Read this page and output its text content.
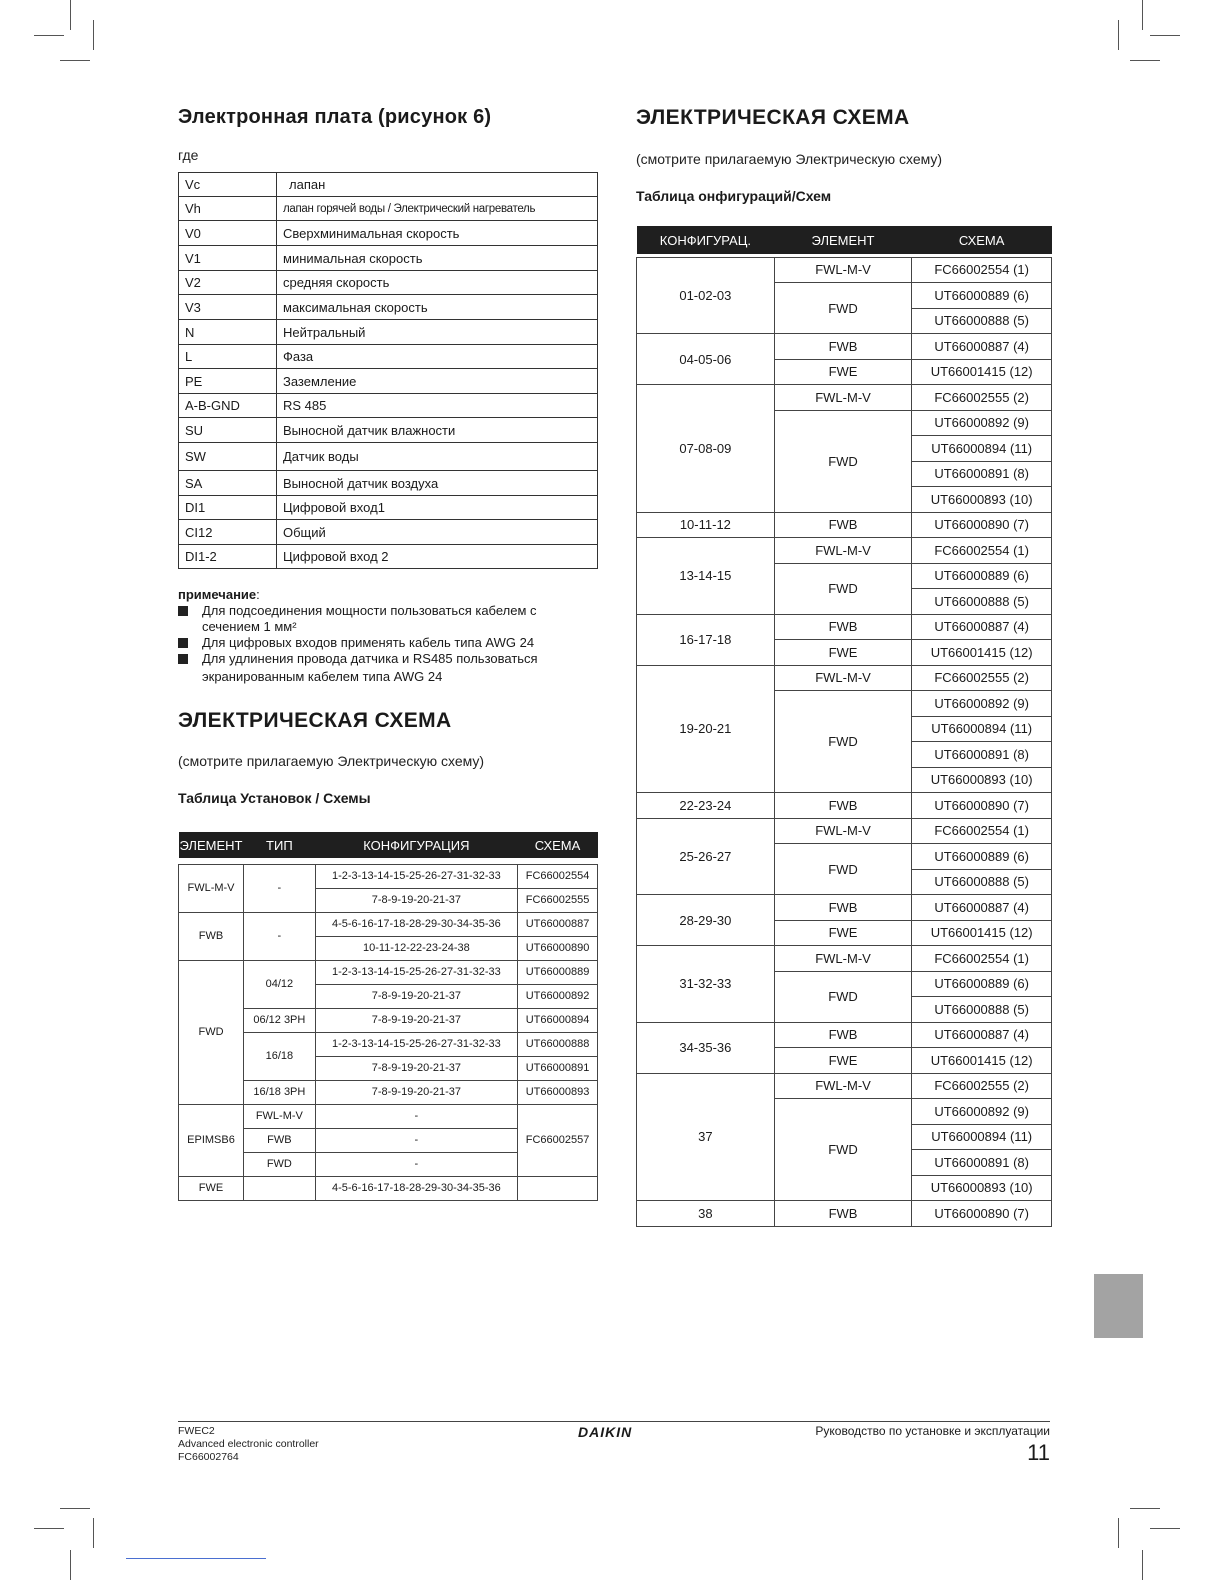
Электронная плата (рисунок 6)
где
Vc	лапан
Vh	лапан горячей воды / Электрический нагреватель
V0	Сверхминимальная скорость
V1	минимальная скорость
V2	средняя скорость
V3	максимальная скорость
N	Нейтральный
L	Фаза
PE	Заземление
A-B-GND	RS 485
SU	Выносной датчик влажности
SW	Датчик воды
SA	Выносной датчик воздуха
DI1	Цифровой вход1
CI12	Общий
DI1-2	Цифровой вход 2
примечание:
Для подсоединения мощности пользоваться кабелем с
сечением 1 мм²
Для цифровых входов применять кабель типа AWG 24
Для удлинения провода датчика и RS485 пользоваться
экранированным кабелем типа AWG 24
ЭЛЕКТРИЧЕСКАЯ СХЕМА
(смотрите прилагаемую Электрическую схему)
Таблица Установок / Схемы
ЭЛЕМЕНТ	ТИП	КОНФИГУРАЦИЯ	СХЕМА

FWL-M-V	-	1-2-3-13-14-15-25-26-27-31-32-33	FC66002554
		7-8-9-19-20-21-37	FC66002555
FWB	-	4-5-6-16-17-18-28-29-30-34-35-36	UT66000887
		10-11-12-22-23-24-38	UT66000890
FWD	04/12	1-2-3-13-14-15-25-26-27-31-32-33	UT66000889
		7-8-9-19-20-21-37	UT66000892
	06/12 3PH	7-8-9-19-20-21-37	UT66000894
	16/18	1-2-3-13-14-15-25-26-27-31-32-33	UT66000888
		7-8-9-19-20-21-37	UT66000891
	16/18 3PH	7-8-9-19-20-21-37	UT66000893
EPIMSB6	FWL-M-V	-	FC66002557
	FWB	-	
	FWD	-	
FWE		4-5-6-16-17-18-28-29-30-34-35-36	
ЭЛЕКТРИЧЕСКАЯ СХЕМА
(смотрите прилагаемую Электрическую схему)
Таблица онфигураций/Схем
КОНФИГУРАЦ.	ЭЛЕМЕНТ	СХЕМА

01-02-03	FWL-M-V	FC66002554 (1)
	FWD	UT66000889 (6)
		UT66000888 (5)
04-05-06	FWB	UT66000887 (4)
	FWE	UT66001415 (12)
07-08-09	FWL-M-V	FC66002555 (2)
	FWD	UT66000892 (9)
		UT66000894 (11)
		UT66000891 (8)
		UT66000893 (10)
10-11-12	FWB	UT66000890 (7)
13-14-15	FWL-M-V	FC66002554 (1)
	FWD	UT66000889 (6)
		UT66000888 (5)
16-17-18	FWB	UT66000887 (4)
	FWE	UT66001415 (12)
19-20-21	FWL-M-V	FC66002555 (2)
	FWD	UT66000892 (9)
		UT66000894 (11)
		UT66000891 (8)
		UT66000893 (10)
22-23-24	FWB	UT66000890 (7)
25-26-27	FWL-M-V	FC66002554 (1)
	FWD	UT66000889 (6)
		UT66000888 (5)
28-29-30	FWB	UT66000887 (4)
	FWE	UT66001415 (12)
31-32-33	FWL-M-V	FC66002554 (1)
	FWD	UT66000889 (6)
		UT66000888 (5)
34-35-36	FWB	UT66000887 (4)
	FWE	UT66001415 (12)
37	FWL-M-V	FC66002555 (2)
	FWD	UT66000892 (9)
		UT66000894 (11)
		UT66000891 (8)
		UT66000893 (10)
38	FWB	UT66000890 (7)
FWEC2
Advanced electronic controller
FC66002764
DAIKIN	Руководство по установке и эксплуатации
11
